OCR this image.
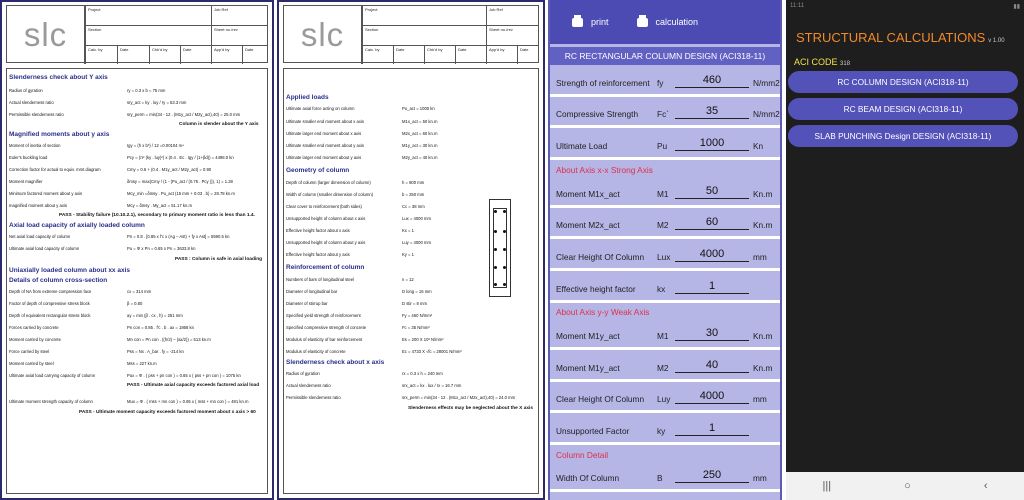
slc
Project	Job Ref
Section	Sheet no./rev
Calc. by	Date	Chk'd by	Date	App'd by	Date
Slenderness check about Y axis
Radius of gyration	ry = 0.3 x b = 75 mm
Actual slenderness ratio	sry_act = ky . luy / ry = 53.3 mm
Permissible slenderness ratio	sry_perm = min(34 - 12 . (M1y_act / M2y_act),40) = 25.0 mm
Column is slender about the Y axis
Magnified moments about y axis
Moment of inertia of section	Igy = (h x b³) / 12 =0.00104 m⁴
Euler's buckling load	Pcy = (π² (ky . luy)²) x (0.4 . Ec . Igy / (1+βd)) = 4498.0 kn
Correction factor for actual to equiv. mmt.diagram	Cmy = 0.6 + (0.4 . M1y_act / M2y_act) = 0.90
Moment magnifier	δmsy = max(Cmy / (1 - (Pu_act / (0.75 . Pcy ))), 1) = 1.28
Minimum factored moment about y axis	Mcy_min =δmsy . Pu_act (15 mm + 0.03 . b) = 28.78 kn.m
magnified moment about y axis	Mcy = δmsy . My_act = 51.17 kn.m
PASS - Stability failure (10.10.2.1), secondary to primary moment ratio is less than 1.4.
Axial load capacity of axially loaded column
Net axial load capacity of column	Pn = 0.8 . [0.85 x f'c x (Ag – Ast) + fy x Ast] = 5590.5 kn
Ultimate axial load capacity of column	Pu = Φ x Pn = 0.65 x Pn = 3633.8 kn
PASS : Column is safe in axial loading
Uniaxially loaded column about xx axis
Details of column cross-section
Depth of NA from extreme compression face	cx = 314 mm
Factor of depth of compressive stress block	β = 0.80
Depth of equivalent rectangular stress block	ay = min (β . cx , h) = 251 mm
Forces carried by concrete	Pn con = 0.85 . f'c . b . ax = 1868 kn
Moment carried by concrete	Mn con = Pn con . ((h/2) – (ax/2)) = 513 kn.m
Force carried by steel	Pss = Nx . A_bar . fy = -214 kn
Moment carried by steel	Mss = 227 kn.m
Ultimate axial load carrying capacity of column	Pux = Φ . ( pss + pn con ) = 0.65 x ( pss + pn con ) = 1075 kn
PASS - Ultimate axial capacity exceeds factored axial load
Ultimate moment strength capacity of column	Mux = Φ . ( mss + mn con ) = 0.65 x ( mss + mn con ) = 481 kn.m
PASS - Ultimate moment capacity exceeds factored moment about x axis > 60
slc
Project	Job Ref
Section	Sheet no./rev
Calc. by	Date	Chk'd by	Date	App'd by	Date
Applied loads
Ultimate axial force acting on column	Pu_act = 1000 kn
Ultimate smaller end moment about x axis	M1x_act = 50 kn.m
Ultimate larger end moment about x axis	M2x_act = 60 kn.m
Ultimate smaller end moment about y axis	M1y_act = 30 kn.m
Ultimate larger end moment about y axis	M2y_act = 40 kn.m
Geometry of column
Depth of column (larger dimension of column)	h = 800 mm
Width of column (smaller dimension of column)	b = 250 mm
Clear cover to reinforcement (both sides)	Cc = 38 mm
Unsupported height of column about x axis	Lux = 4000 mm
Effective height factor about x axis	Kx = 1
Unsupported height of column about y axis	Luy = 4000 mm
Effective height factor about y axis	Ky = 1
Reinforcement of column
Numbers of bars of longitudinal steel	n = 12
Diameter of longitudinal bar	D long = 16 mm
Diameter of stirrup bar	D stir = 8 mm
Specified yield strength of reinforcement	Fy = 460 N/mm²
Specified compressive strength of concrete	Fc = 35 N/mm²
Modulus of elasticity of bar reinforcement	Es = 200 X 10³ N/mm²
Modulus of elasticity of concrete	Ec = 4733 X √fc = 28001 N/mm²
Slenderness check about x axis
Radius of gyration	rx = 0.3 x h = 240 mm
Actual slenderness ratio	srx_act = kx . lux / rx = 16.7 mm
Permissible slenderness ratio	srx_perm = min(34 - 12 . (M1x_act / M2x_act),40) = 24.0 mm
Slenderness effects may be neglected about the X axis
print	calculation
RC RECTANGULAR COLUMN DESIGN (ACI318-11)
Strength of reinforcement fy	460	N/mm2
Compressive Strength Fc`	35	N/mm2
Ultimate Load	Pu	1000	Kn
Moment M1x_act	M1	50	Kn.m
Moment M2x_act	M2	60	Kn.m
Clear Height Of Column Lux	4000	mm
Effective height factor	kx	1
Moment M1y_act	M1	30	Kn.m
Moment M1y_act	M2	40	Kn.m
Clear Height Of Column Luy	4000	mm
Unsupported Factor	ky	1
Width Of Column	B	250	mm
About Axis x-x Strong Axis
About Axis y-y Weak Axis
Column Detail
11:11	▮▮
STRUCTURAL CALCULATIONS v 1.00
ACI CODE 318
RC COLUMN DESIGN (ACI318-11)
RC BEAM DESIGN (ACI318-11)
SLAB PUNCHING Design DESIGN (ACI318-11)
|||	○	‹
